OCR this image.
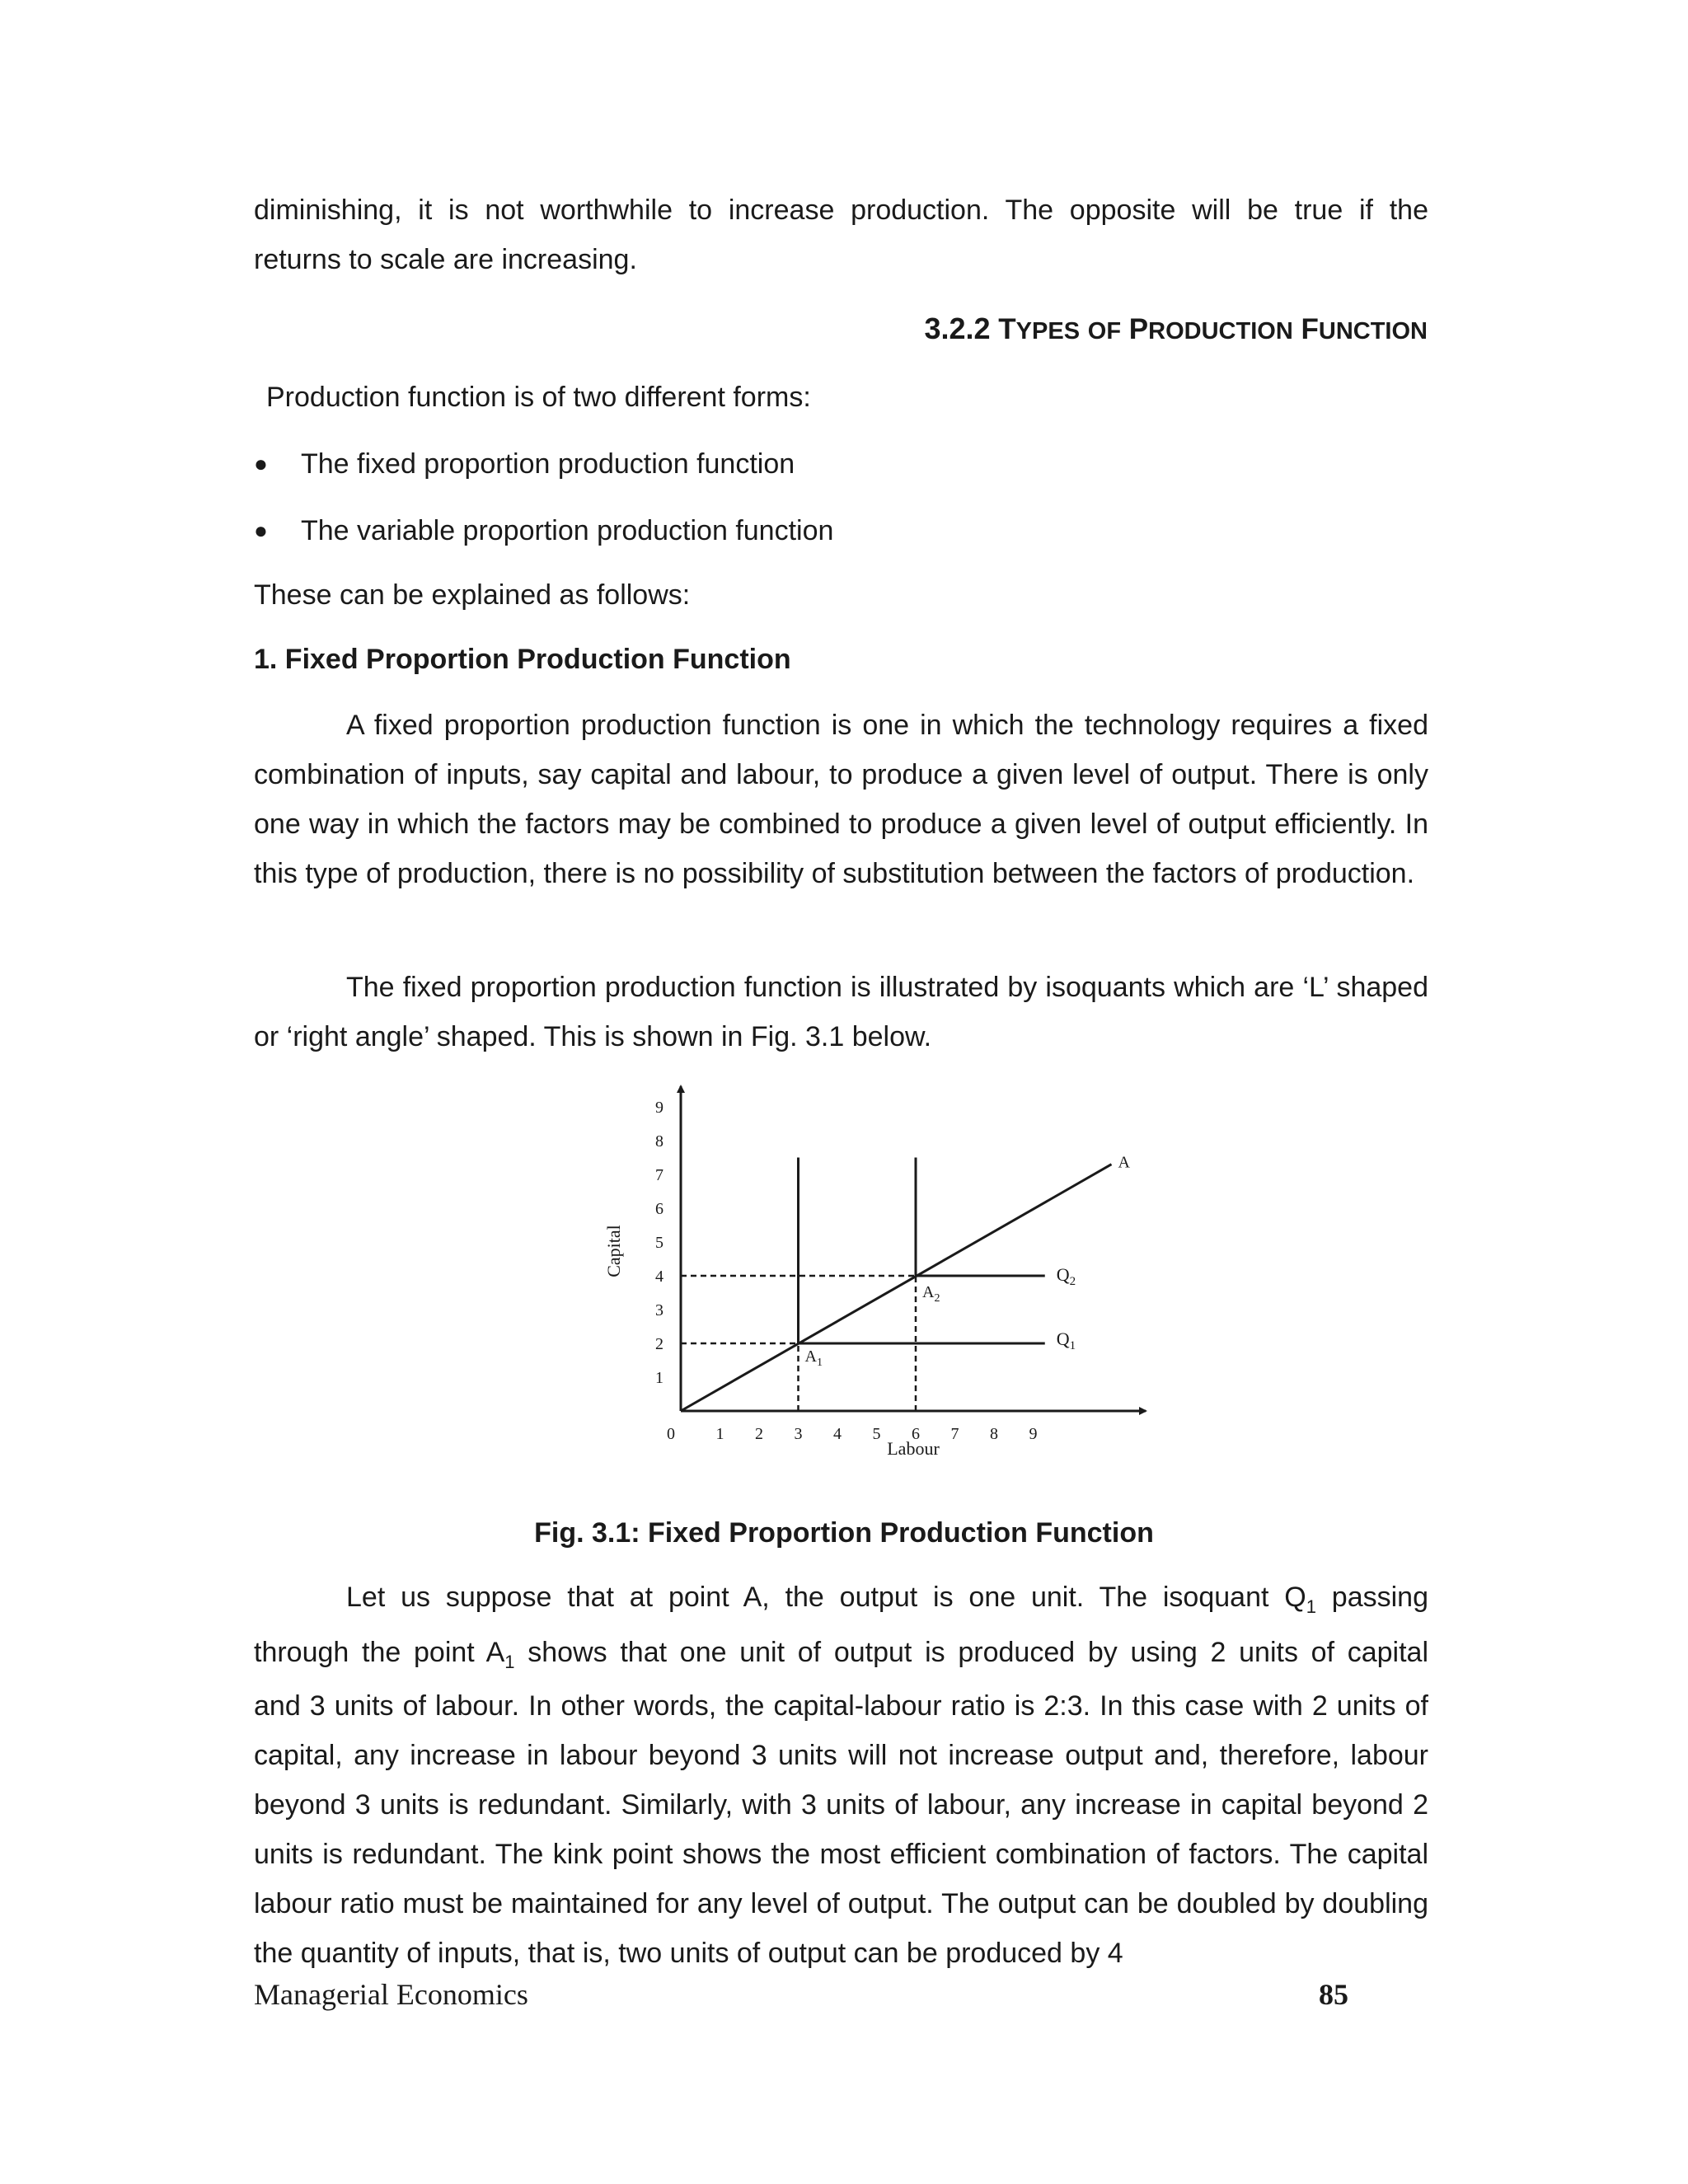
diminishing, it is not worthwhile to increase production. The opposite will be true if the
returns to scale are increasing.
3.2.2 TYPES OF PRODUCTION FUNCTION
Production function is of two different forms:
● The fixed proportion production function
● The variable proportion production function
These can be explained as follows:
1. Fixed Proportion Production Function

A fixed proportion production function is one in which the technology requires a fixed combination of inputs, say capital and labour, to produce a given level of output. There is only one way in which the factors may be combined to produce a given level of output efficiently. In this type of production, there is no possibility of substitution between the factors of production.

The fixed proportion production function is illustrated by isoquants which are ‘L’ shaped or ‘right angle’ shaped. This is shown in Fig. 3.1 below.

0 1 2 3 4 5 6 7 8 9
1
2
3
4
5
6
7
8
9
$A_1$
$A_2$
$Q_1$
$Q_2$
A
Labour
Capital
Fig. 3.1: Fixed Proportion Production Function
Let us suppose that at point A, the output is one unit. The isoquant $Q_1$ passing
through the point $A_1$ shows that one unit of output is produced by using 2 units of capital

and 3 units of labour. In other words, the capital-labour ratio is 2:3. In this case with 2 units of capital, any increase in labour beyond 3 units will not increase output and, therefore, labour beyond 3 units is redundant. Similarly, with 3 units of labour, any increase in capital beyond 2 units is redundant. The kink point shows the most efficient combination of factors. The capital labour ratio must be maintained for any level of output. The output can be doubled by doubling the quantity of inputs, that is, two units of output can be produced by 4

Managerial Economics	85
